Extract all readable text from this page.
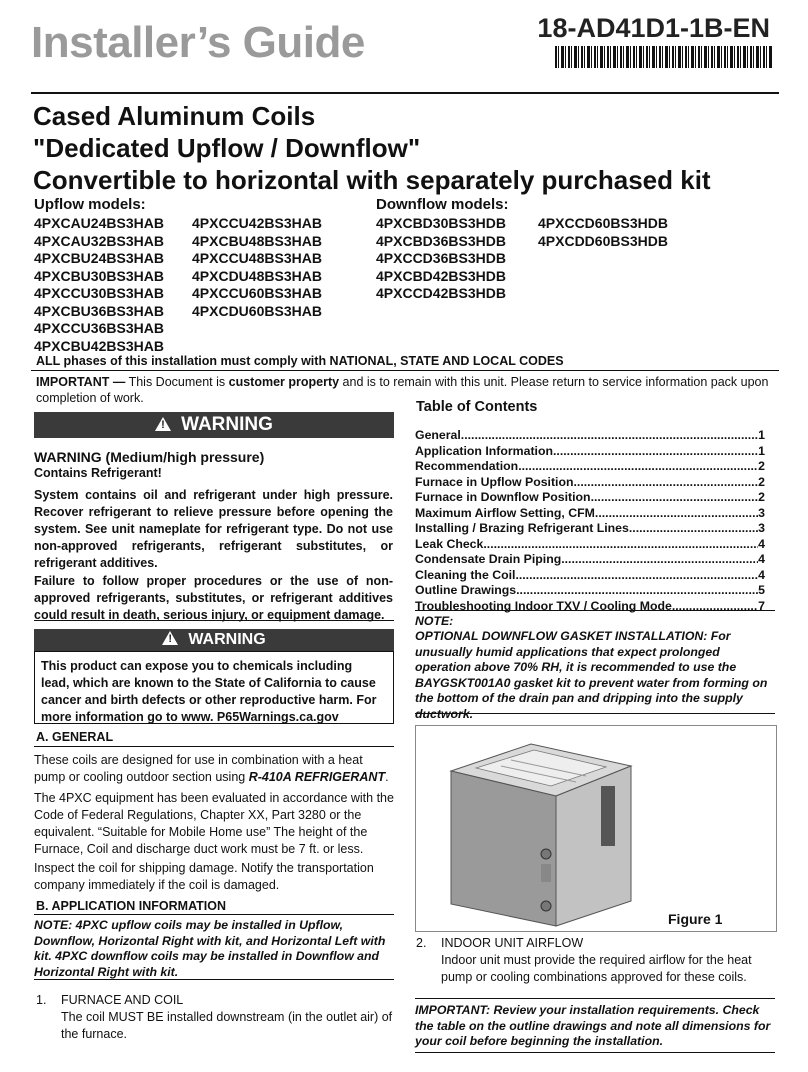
Installer’s Guide	18-AD41D1-1B-EN
Cased Aluminum Coils
"Dedicated Upflow / Downflow"
Convertible to horizontal with separately purchased kit
Upflow models:
4PXCAU24BS3HAB
4PXCAU32BS3HAB
4PXCBU24BS3HAB
4PXCBU30BS3HAB
4PXCCU30BS3HAB
4PXCBU36BS3HAB
4PXCCU36BS3HAB
4PXCBU42BS3HAB
4PXCCU42BS3HAB
4PXCBU48BS3HAB
4PXCCU48BS3HAB
4PXCDU48BS3HAB
4PXCCU60BS3HAB
4PXCDU60BS3HAB
Downflow models:
4PXCBD30BS3HDB
4PXCBD36BS3HDB
4PXCCD36BS3HDB
4PXCBD42BS3HDB
4PXCCD42BS3HDB
4PXCCD60BS3HDB
4PXCDD60BS3HDB
ALL phases of this installation must comply with NATIONAL, STATE AND LOCAL CODES
IMPORTANT — This Document is customer property and is to remain with this unit. Please return to service information pack upon completion of work.
! WARNING
WARNING (Medium/high pressure)
Contains Refrigerant!
System contains oil and refrigerant under high pressure. Recover refrigerant to relieve pressure before opening the system. See unit nameplate for refrigerant type. Do not use non-approved refrigerants, refrigerant substitutes, or refrigerant additives.
Failure to follow proper procedures or the use of non-approved refrigerants, substitutes, or refrigerant additives could result in death, serious injury, or equipment damage.
! WARNING
This product can expose you to chemicals including lead, which are known to the State of California to cause cancer and birth defects or other reproductive harm. For more information go to www. P65Warnings.ca.gov
A. GENERAL
These coils are designed for use in combination with a heat pump or cooling outdoor section using R-410A REFRIGERANT.
The 4PXC equipment has been evaluated in accordance with the Code of Federal Regulations, Chapter XX, Part 3280 or the equivalent. “Suitable for Mobile Home use” The height of the Furnace, Coil and discharge duct work must be 7 ft. or less.
Inspect the coil for shipping damage. Notify the transportation company immediately if the coil is damaged.
B. APPLICATION INFORMATION
NOTE: 4PXC upflow coils may be installed in Upflow, Downflow, Horizontal Right with kit, and Horizontal Left with kit. 4PXC downflow coils may be installed in Downflow and Horizontal Right with kit.
1. FURNACE AND COIL
The coil MUST BE installed downstream (in the outlet air) of the furnace.
Table of Contents
General .....	1
Application Information .....	1
Recommendation .....	2
Furnace in Upflow Position .....	2
Furnace in Downflow Position .....	2
Maximum Airflow Setting, CFM .....	3
Installing / Brazing Refrigerant Lines .....	3
Leak Check .....	4
Condensate Drain Piping .....	4
Cleaning the Coil .....	4
Outline Drawings .....	5
Troubleshooting Indoor TXV / Cooling Mode .....	7
NOTE:
OPTIONAL DOWNFLOW GASKET INSTALLATION: For unusually humid applications that expect prolonged operation above 70% RH, it is recommended to use the BAYGSKT001A0 gasket kit to prevent water from forming on the bottom of the drain pan and dripping into the supply ductwork.
Figure 1
2. INDOOR UNIT AIRFLOW
Indoor unit must provide the required airflow for the heat pump or cooling combinations approved for these coils.
IMPORTANT: Review your installation requirements. Check the table on the outline drawings and note all dimensions for your coil before beginning the installation.
